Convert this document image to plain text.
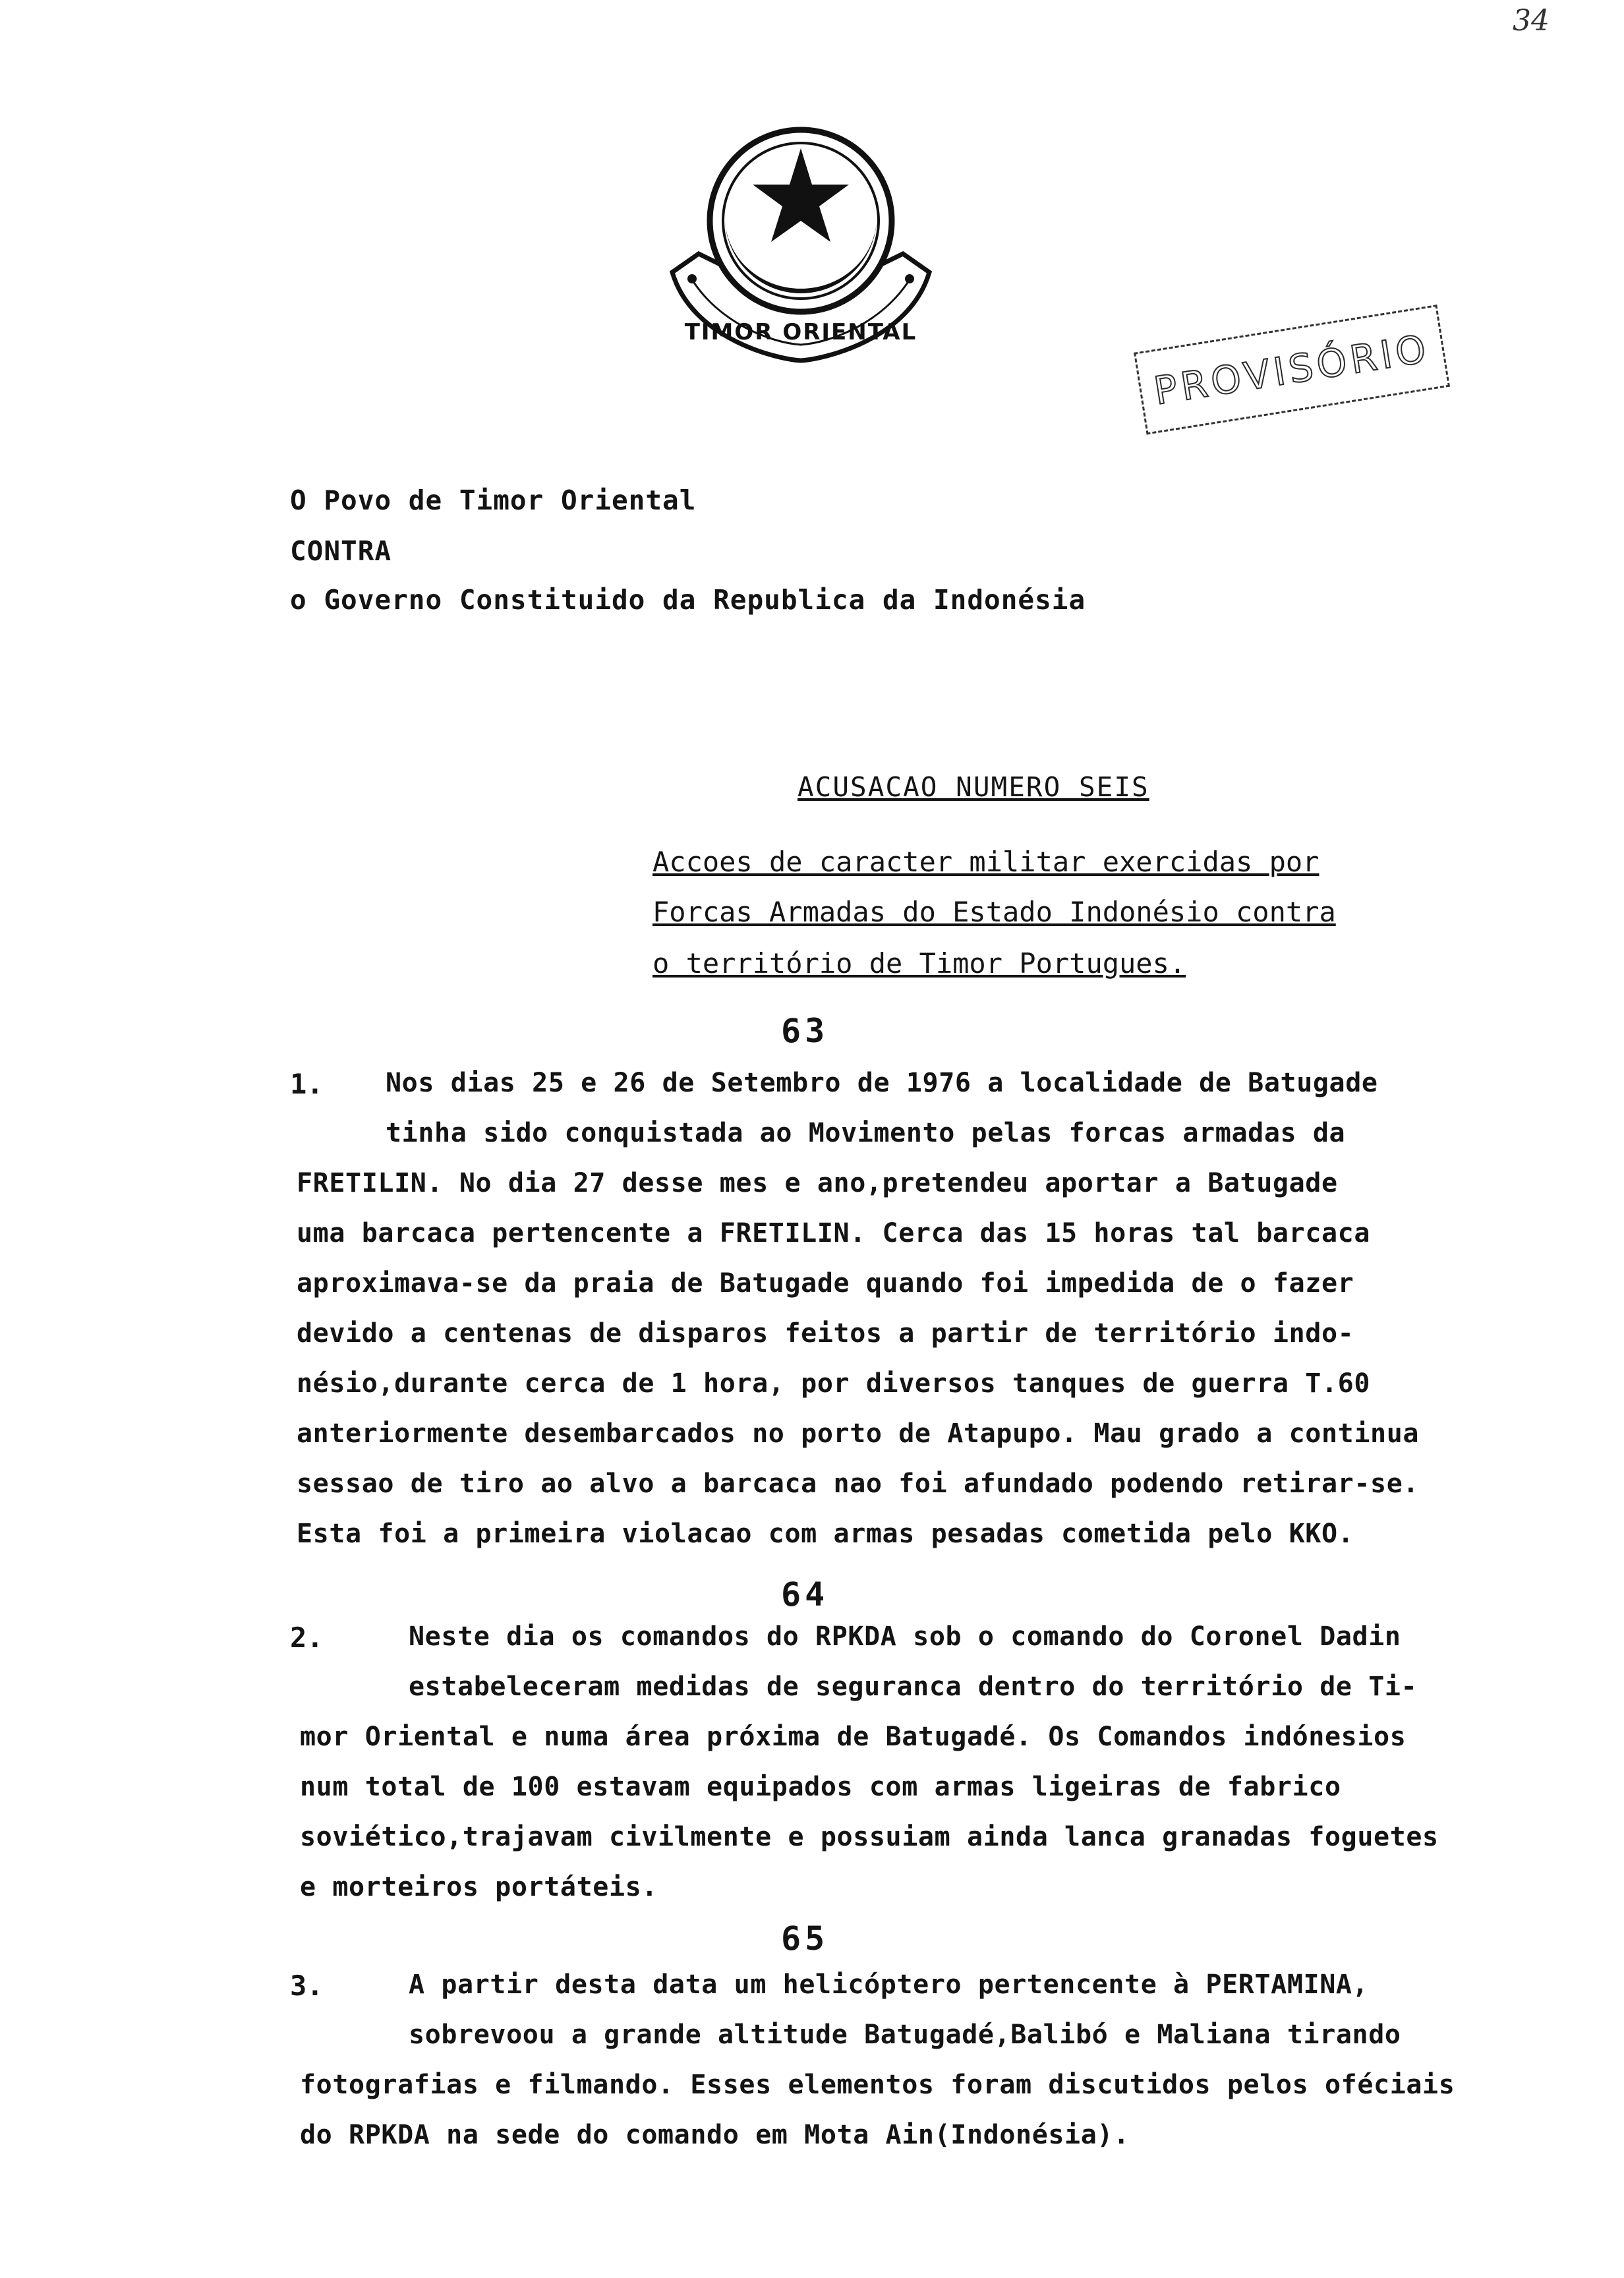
34
TIMOR ORIENTAL	PROVISÓRIO
O Povo de Timor Oriental
CONTRA
o Governo Constituido da Republica da Indonésia
ACUSACAO NUMERO SEIS
Accoes de caracter militar exercidas por
Forcas Armadas do Estado Indonésio contra
o território de Timor Portugues.
63
1. Nos dias 25 e 26 de Setembro de 1976 a localidade de Batugade
tinha sido conquistada ao Movimento pelas forcas armadas da
FRETILIN. No dia 27 desse mes e ano,pretendeu aportar a Batugade
uma barcaca pertencente a FRETILIN. Cerca das 15 horas tal barcaca
aproximava-se da praia de Batugade quando foi impedida de o fazer
devido a centenas de disparos feitos a partir de território indo-
nésio,durante cerca de 1 hora, por diversos tanques de guerra T.60
anteriormente desembarcados no porto de Atapupo. Mau grado a continua
sessao de tiro ao alvo a barcaca nao foi afundado podendo retirar-se.
Esta foi a primeira violacao com armas pesadas cometida pelo KKO.
64
2.	Neste dia os comandos do RPKDA sob o comando do Coronel Dadin
estabeleceram medidas de seguranca dentro do território de Ti-
mor Oriental e numa área próxima de Batugadé. Os Comandos indónesios
num total de 100 estavam equipados com armas ligeiras de fabrico
soviético,trajavam civilmente e possuiam ainda lanca granadas foguetes
e morteiros portáteis.
65
3.	A partir desta data um helicóptero pertencente à PERTAMINA,
sobrevoou a grande altitude Batugadé,Balibó e Maliana tirando
fotografias e filmando. Esses elementos foram discutidos pelos oféciais
do RPKDA na sede do comando em Mota Ain(Indonésia).
